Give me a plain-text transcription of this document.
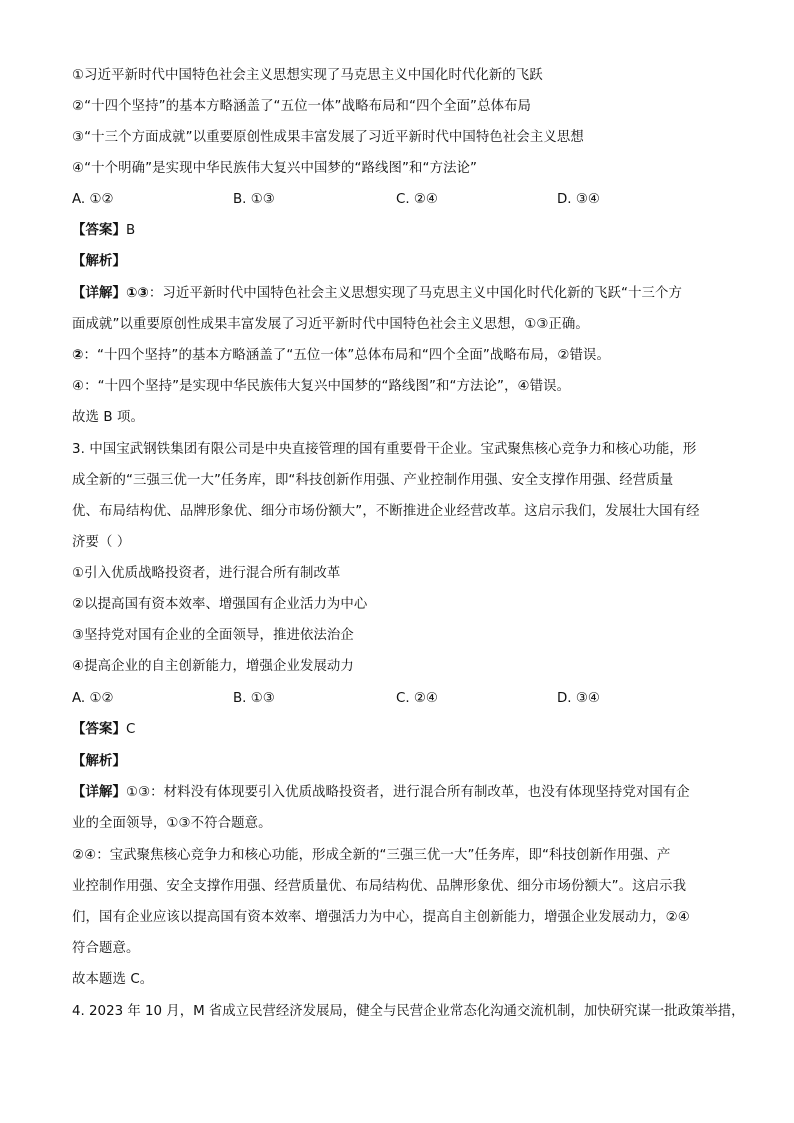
①习近平新时代中国特色社会主义思想实现了马克思主义中国化时代化新的飞跃
②“十四个坚持”的基本方略涵盖了“五位一体”战略布局和“四个全面”总体布局
③“十三个方面成就”以重要原创性成果丰富发展了习近平新时代中国特色社会主义思想
④“十个明确”是实现中华民族伟大复兴中国梦的“路线图”和“方法论”
A. ①②	B. ①③	C. ②④	D. ③④
【答案】B
【解析】
【详解】①③：习近平新时代中国特色社会主义思想实现了马克思主义中国化时代化新的飞跃“十三个方
面成就”以重要原创性成果丰富发展了习近平新时代中国特色社会主义思想，①③正确。
②：“十四个坚持”的基本方略涵盖了“五位一体”总体布局和“四个全面”战略布局，②错误。
④：“十四个坚持”是实现中华民族伟大复兴中国梦的“路线图”和“方法论”，④错误。
故选 B 项。
3. 中国宝武钢铁集团有限公司是中央直接管理的国有重要骨干企业。宝武聚焦核心竞争力和核心功能，形
成全新的“三强三优一大”任务库，即“科技创新作用强、产业控制作用强、安全支撑作用强、经营质量
优、布局结构优、品牌形象优、细分市场份额大”，不断推进企业经营改革。这启示我们，发展壮大国有经
济要（ ）
①引入优质战略投资者，进行混合所有制改革
②以提高国有资本效率、增强国有企业活力为中心
③坚持党对国有企业的全面领导，推进依法治企
④提高企业的自主创新能力，增强企业发展动力
A. ①②	B. ①③	C. ②④	D. ③④
【答案】C
【解析】
【详解】①③：材料没有体现要引入优质战略投资者，进行混合所有制改革，也没有体现坚持党对国有企
业的全面领导，①③不符合题意。
②④：宝武聚焦核心竞争力和核心功能，形成全新的“三强三优一大”任务库，即“科技创新作用强、产
业控制作用强、安全支撑作用强、经营质量优、布局结构优、品牌形象优、细分市场份额大”。这启示我
们，国有企业应该以提高国有资本效率、增强活力为中心，提高自主创新能力，增强企业发展动力，②④
符合题意。
故本题选 C。
4. 2023 年 10 月，M 省成立民营经济发展局，健全与民营企业常态化沟通交流机制，加快研究谋一批政策举措，
